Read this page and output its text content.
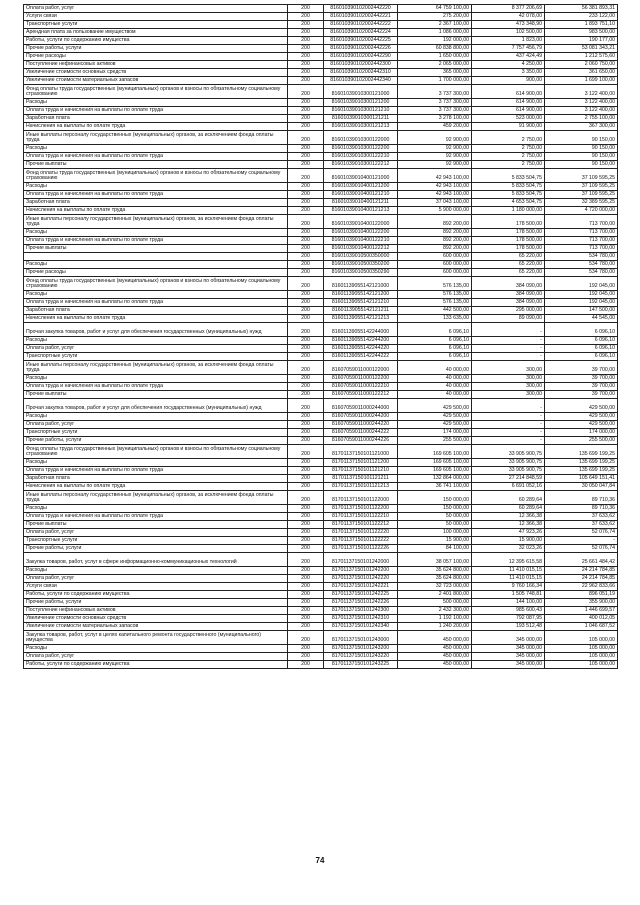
Оплата работ, услуг	200	816010390102002442220	64 759 100,00	8 377 206,69	56 381 893,31
Услуги связи	200	816010390102002442221	275 200,00	42 078,00	233 122,00
Транспортные услуги	200	816010390102002442222	2 367 100,00	473 348,90	1 893 751,10
Арендная плата за пользование имуществом	200	816010390102002442224	1 086 000,00	102 500,00	983 500,00
Работы, услуги по содержанию имущества	200	816010390102002442225	192 000,00	1 823,00	190 177,00
Прочие работы, услуги	200	816010390102002442226	60 838 800,00	7 757 456,79	53 081 343,21
Прочие расходы	200	816010390102002442290	1 650 000,00	437 424,49	1 212 575,60
Поступление нефинансовых активов	200	816010390102002442300	2 065 000,00	4 250,00	2 060 750,00
Увеличение стоимости основных средств	200	816010390102002442310	365 000,00	3 350,00	361 650,00
Увеличение стоимости материальных запасов	200	816010390102002442340	1 700 000,00	900,00	1 699 100,00
Фонд оплаты труда государственных (муниципальных) органов и взносы по обязательному социальному страхованию	200	81601039010300121000	3 737 300,00	614 900,00	3 122 400,00
Расходы	200	81601039010300121200	3 737 300,00	614 900,00	3 122 400,00
Оплата труда и начисления на выплаты по оплате труда	200	81601039010300121210	3 737 300,00	614 900,00	3 122 400,00
Заработная плата	200	81601039010300121211	3 278 100,00	523 000,00	2 755 100,00
Начисления на выплаты по оплате труда	200	81601039010300121213	459 200,00	91 900,00	367 300,00
Иные выплаты персоналу государственных (муниципальных) органов, за исключением фонда оплаты труда	200	81601039010300122000	92 900,00	2 750,00	90 150,00
Расходы	200	81601039010300122200	92 900,00	2 750,00	90 150,00
Оплата труда и начисления на выплаты по оплате труда	200	81601039010300122210	92 900,00	2 750,00	90 150,00
Прочие выплаты	200	81601039010300122212	92 900,00	2 750,00	90 150,00
Фонд оплаты труда государственных (муниципальных) органов и взносы по обязательному социальному страхованию	200	81601039010400121000	42 943 100,00	5 833 504,75	37 109 595,25
Расходы	200	81601039010400121200	42 943 100,00	5 833 504,75	37 109 595,25
Оплата труда и начисления на выплаты по оплате труда	200	81601039010400121210	42 943 100,00	5 833 504,75	37 109 595,25
Заработная плата	200	81601039010400121211	37 043 100,00	4 653 504,75	32 389 595,25
Начисления на выплаты по оплате труда	200	81601039010400121213	5 900 000,00	1 180 000,00	4 720 000,00
Иные выплаты персоналу государственных (муниципальных) органов, за исключением фонда оплаты труда	200	81601039010400122000	892 200,00	178 500,00	713 700,00
Расходы	200	81601039010400122200	892 200,00	178 500,00	713 700,00
Оплата труда и начисления на выплаты по оплате труда	200	81601039010400122210	892 200,00	178 500,00	713 700,00
Прочие выплаты	200	81601039010400122212	892 200,00	178 500,00	713 700,00
	200	81601039010500350000	600 000,00	65 220,00	534 780,00
Расходы	200	81601039010500350200	600 000,00	65 220,00	534 780,00
Прочие расходы	200	81601039010500350290	600 000,00	65 220,00	534 780,00
Фонд оплаты труда государственных (муниципальных) органов и взносы по обязательному социальному страхованию	200	81601139055142121000	576 135,00	384 090,00	192 045,00
Расходы	200	81601139055142121200	576 135,00	384 090,00	192 045,00
Оплата труда и начисления на выплаты по оплате труда	200	81601139055142121210	576 135,00	384 090,00	192 045,00
Заработная плата	200	81601139055142121211	442 500,00	295 000,00	147 500,00
Начисления на выплаты по оплате труда	200	81601139055142121213	133 635,00	89 090,00	44 545,00
Прочая закупка товаров, работ и услуг для обеспечения государственных (муниципальных) нужд	200	81601139055142244000	6 096,10	-	6 096,10
Расходы	200	81601139055142244200	6 096,10	-	6 096,10
Оплата работ, услуг	200	81601139055142244220	6 096,10	-	6 096,10
Транспортные услуги	200	81601139055142244222	6 096,10	-	6 096,10
Иные выплаты персоналу государственных (муниципальных) органов, за исключением фонда оплаты труда	200	81607059011000122000	40 000,00	300,00	39 700,00
Расходы	200	81607059011000122200	40 000,00	300,00	39 700,00
Оплата труда и начисления на выплаты по оплате труда	200	81607059011000122210	40 000,00	300,00	39 700,00
Прочие выплаты	200	81607059011000122212	40 000,00	300,00	39 700,00
Прочая закупка товаров, работ и услуг для обеспечения государственных (муниципальных) нужд	200	81607059011000244000	429 500,00	-	429 500,00
Расходы	200	81607059011000244200	429 500,00	-	429 500,00
Оплата работ, услуг	200	81607059011000244220	429 500,00	-	429 500,00
Транспортные услуги	200	81607059011000244222	174 000,00	-	174 000,00
Прочие работы, услуги	200	81607059011000244226	255 500,00	-	255 500,00
Фонд оплаты труда государственных (муниципальных) органов и взносы по обязательному социальному страхованию	200	81701137150101121000	169 605 100,00	33 905 900,75	135 699 199,25
Расходы	200	81701137150101121200	169 605 100,00	33 905 900,75	135 699 199,25
Оплата труда и начисления на выплаты по оплате труда	200	81701137150101121210	169 605 100,00	33 905 900,75	135 699 199,25
Заработная плата	200	81701137150101121211	132 864 000,00	27 214 848,59	105 649 151,41
Начисления на выплаты по оплате труда	200	81701137150101121213	36 741 100,00	6 691 052,16	30 050 047,84
Иные выплаты персоналу государственных (муниципальных) органов, за исключением фонда оплаты труда	200	81701137150101122000	150 000,00	60 289,64	89 710,36
Расходы	200	81701137150101122200	150 000,00	60 289,64	89 710,36
Оплата труда и начисления на выплаты по оплате труда	200	81701137150101122210	50 000,00	12 366,38	37 633,62
Прочие выплаты	200	81701137150101122212	50 000,00	12 366,38	37 633,62
Оплата работ, услуг	200	81701137150101122220	100 000,00	47 923,26	52 076,74
Транспортные услуги	200	81701137150101122222	15 900,00	15 900,00	-
Прочие работы, услуги	200	81701137150101122226	84 100,00	32 023,26	52 076,74
Закупка товаров, работ, услуг в сфере информационно-коммуникационных технологий	200	81701137150101242000	38 057 100,00	12 395 615,58	25 661 484,42
Расходы	200	81701137150101242200	35 624 800,00	11 410 015,15	24 214 784,85
Оплата работ, услуг	200	81701137150101242220	35 624 800,00	11 410 015,15	24 214 784,85
Услуги связи	200	81701137150101242221	32 723 000,00	9 760 166,34	22 962 833,66
Работы, услуги по содержанию имущества	200	81701137150101242225	2 401 800,00	1 505 748,81	896 051,19
Прочие работы, услуги	200	81701137150101242226	500 000,00	144 100,00	355 900,00
Поступление нефинансовых активов	200	81701137150101242300	2 432 300,00	985 600,43	1 446 699,57
Увеличение стоимости основных средств	200	81701137150101242310	1 192 100,00	792 087,95	400 012,05
Увеличение стоимости материальных запасов	200	81701137150101242340	1 240 200,00	193 512,48	1 046 687,52
Закупка товаров, работ, услуг в целях капитального ремонта государственного (муниципального) имущества	200	81701137150101243000	450 000,00	345 000,00	105 000,00
Расходы	200	81701137150101243200	450 000,00	345 000,00	105 000,00
Оплата работ, услуг	200	81701137150101243220	450 000,00	345 000,00	105 000,00
Работы, услуги по содержанию имущества	200	81701137150101243225	450 000,00	345 000,00	105 000,00
74
